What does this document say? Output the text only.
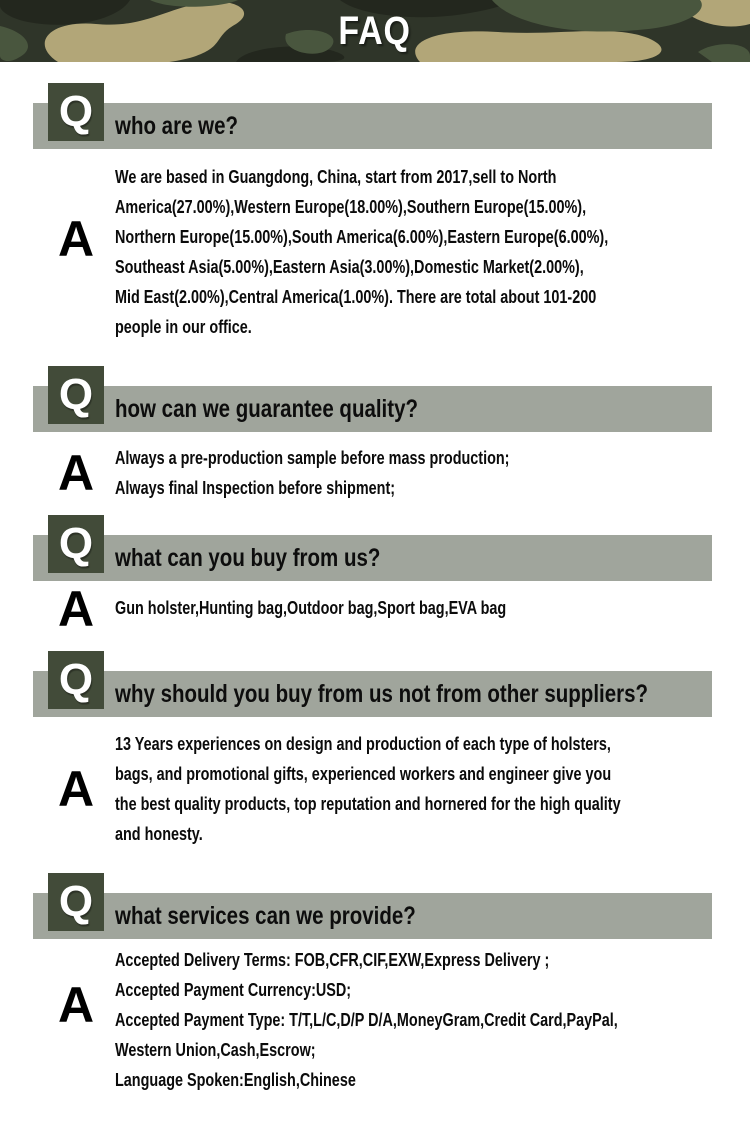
FAQ
who are we?
Q
A
We are based in Guangdong, China, start from 2017,sell to North
America(27.00%),Western Europe(18.00%),Southern Europe(15.00%),
Northern Europe(15.00%),South America(6.00%),Eastern Europe(6.00%),
Southeast Asia(5.00%),Eastern Asia(3.00%),Domestic Market(2.00%),
Mid East(2.00%),Central America(1.00%). There are total about 101-200
people in our office.
how can we guarantee quality?
Q
A	Always a pre-production sample before mass production;
Always final Inspection before shipment;
what can you buy from us?
Q
A	Gun holster,Hunting bag,Outdoor bag,Sport bag,EVA bag
why should you buy from us not from other suppliers?
Q
A
13 Years experiences on design and production of each type of holsters,
bags, and promotional gifts, experienced workers and engineer give you
the best quality products, top reputation and hornered for the high quality
and honesty.
what services can we provide?
Q
A
Accepted Delivery Terms: FOB,CFR,CIF,EXW,Express Delivery ;
Accepted Payment Currency:USD;
Accepted Payment Type: T/T,L/C,D/P D/A,MoneyGram,Credit Card,PayPal,
Western Union,Cash,Escrow;
Language Spoken:English,Chinese
